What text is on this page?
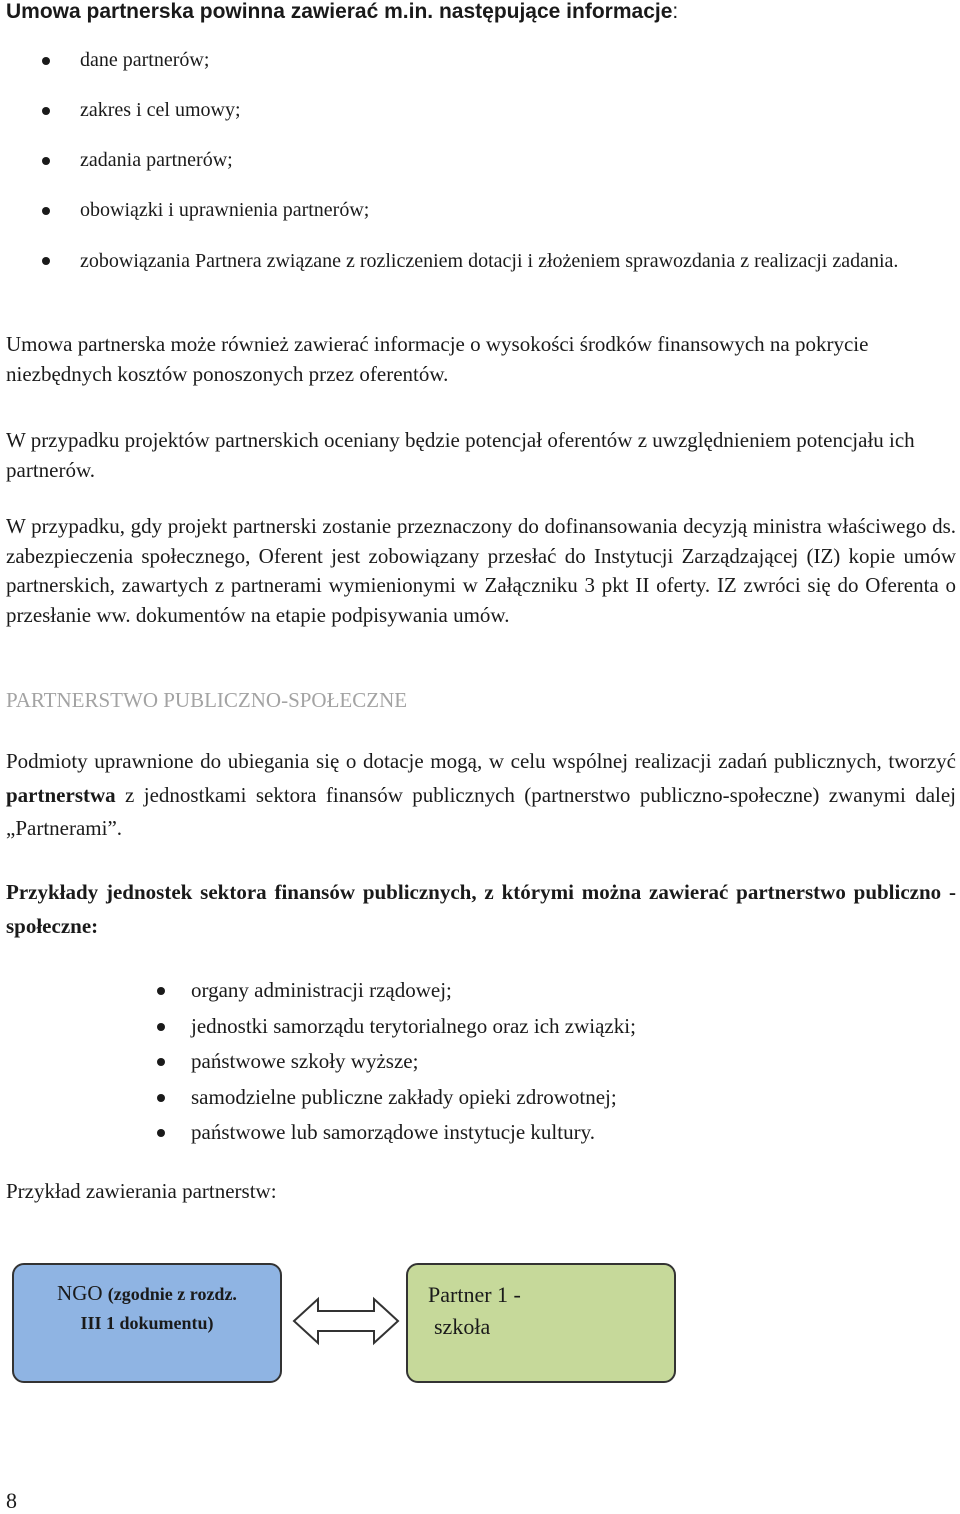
Umowa partnerska powinna zawierać m.in. następujące informacje:

dane partnerów;
zakres i cel umowy;
zadania partnerów;
obowiązki i uprawnienia partnerów;
zobowiązania Partnera związane z rozliczeniem dotacji i złożeniem sprawozdania z realizacji zadania.

Umowa partnerska może również zawierać informacje o wysokości środków finansowych na pokrycie niezbędnych kosztów ponoszonych przez oferentów.

W przypadku projektów partnerskich oceniany będzie potencjał oferentów z uwzględnieniem potencjału ich partnerów.

W przypadku, gdy projekt partnerski zostanie przeznaczony do dofinansowania decyzją ministra właściwego ds. zabezpieczenia społecznego, Oferent jest zobowiązany przesłać do Instytucji Zarządzającej (IZ) kopie umów partnerskich, zawartych z partnerami wymienionymi w Załączniku 3 pkt II oferty. IZ zwróci się do Oferenta o przesłanie ww. dokumentów na etapie podpisywania umów.

PARTNERSTWO PUBLICZNO-SPOŁECZNE

Podmioty uprawnione do ubiegania się o dotacje mogą, w celu wspólnej realizacji zadań publicznych, tworzyć partnerstwa z jednostkami sektora finansów publicznych (partnerstwo publiczno-społeczne) zwanymi dalej „Partnerami”.

Przykłady jednostek sektora finansów publicznych, z którymi można zawierać partnerstwo publiczno - społeczne:

organy administracji rządowej;
jednostki samorządu terytorialnego oraz ich związki;
państwowe szkoły wyższe;
samodzielne publiczne zakłady opieki zdrowotnej;
państwowe lub samorządowe instytucje kultury.

Przykład zawierania partnerstw:

NGO (zgodnie z rozdz.
III 1 dokumentu)
Partner 1 -
szkoła

8
